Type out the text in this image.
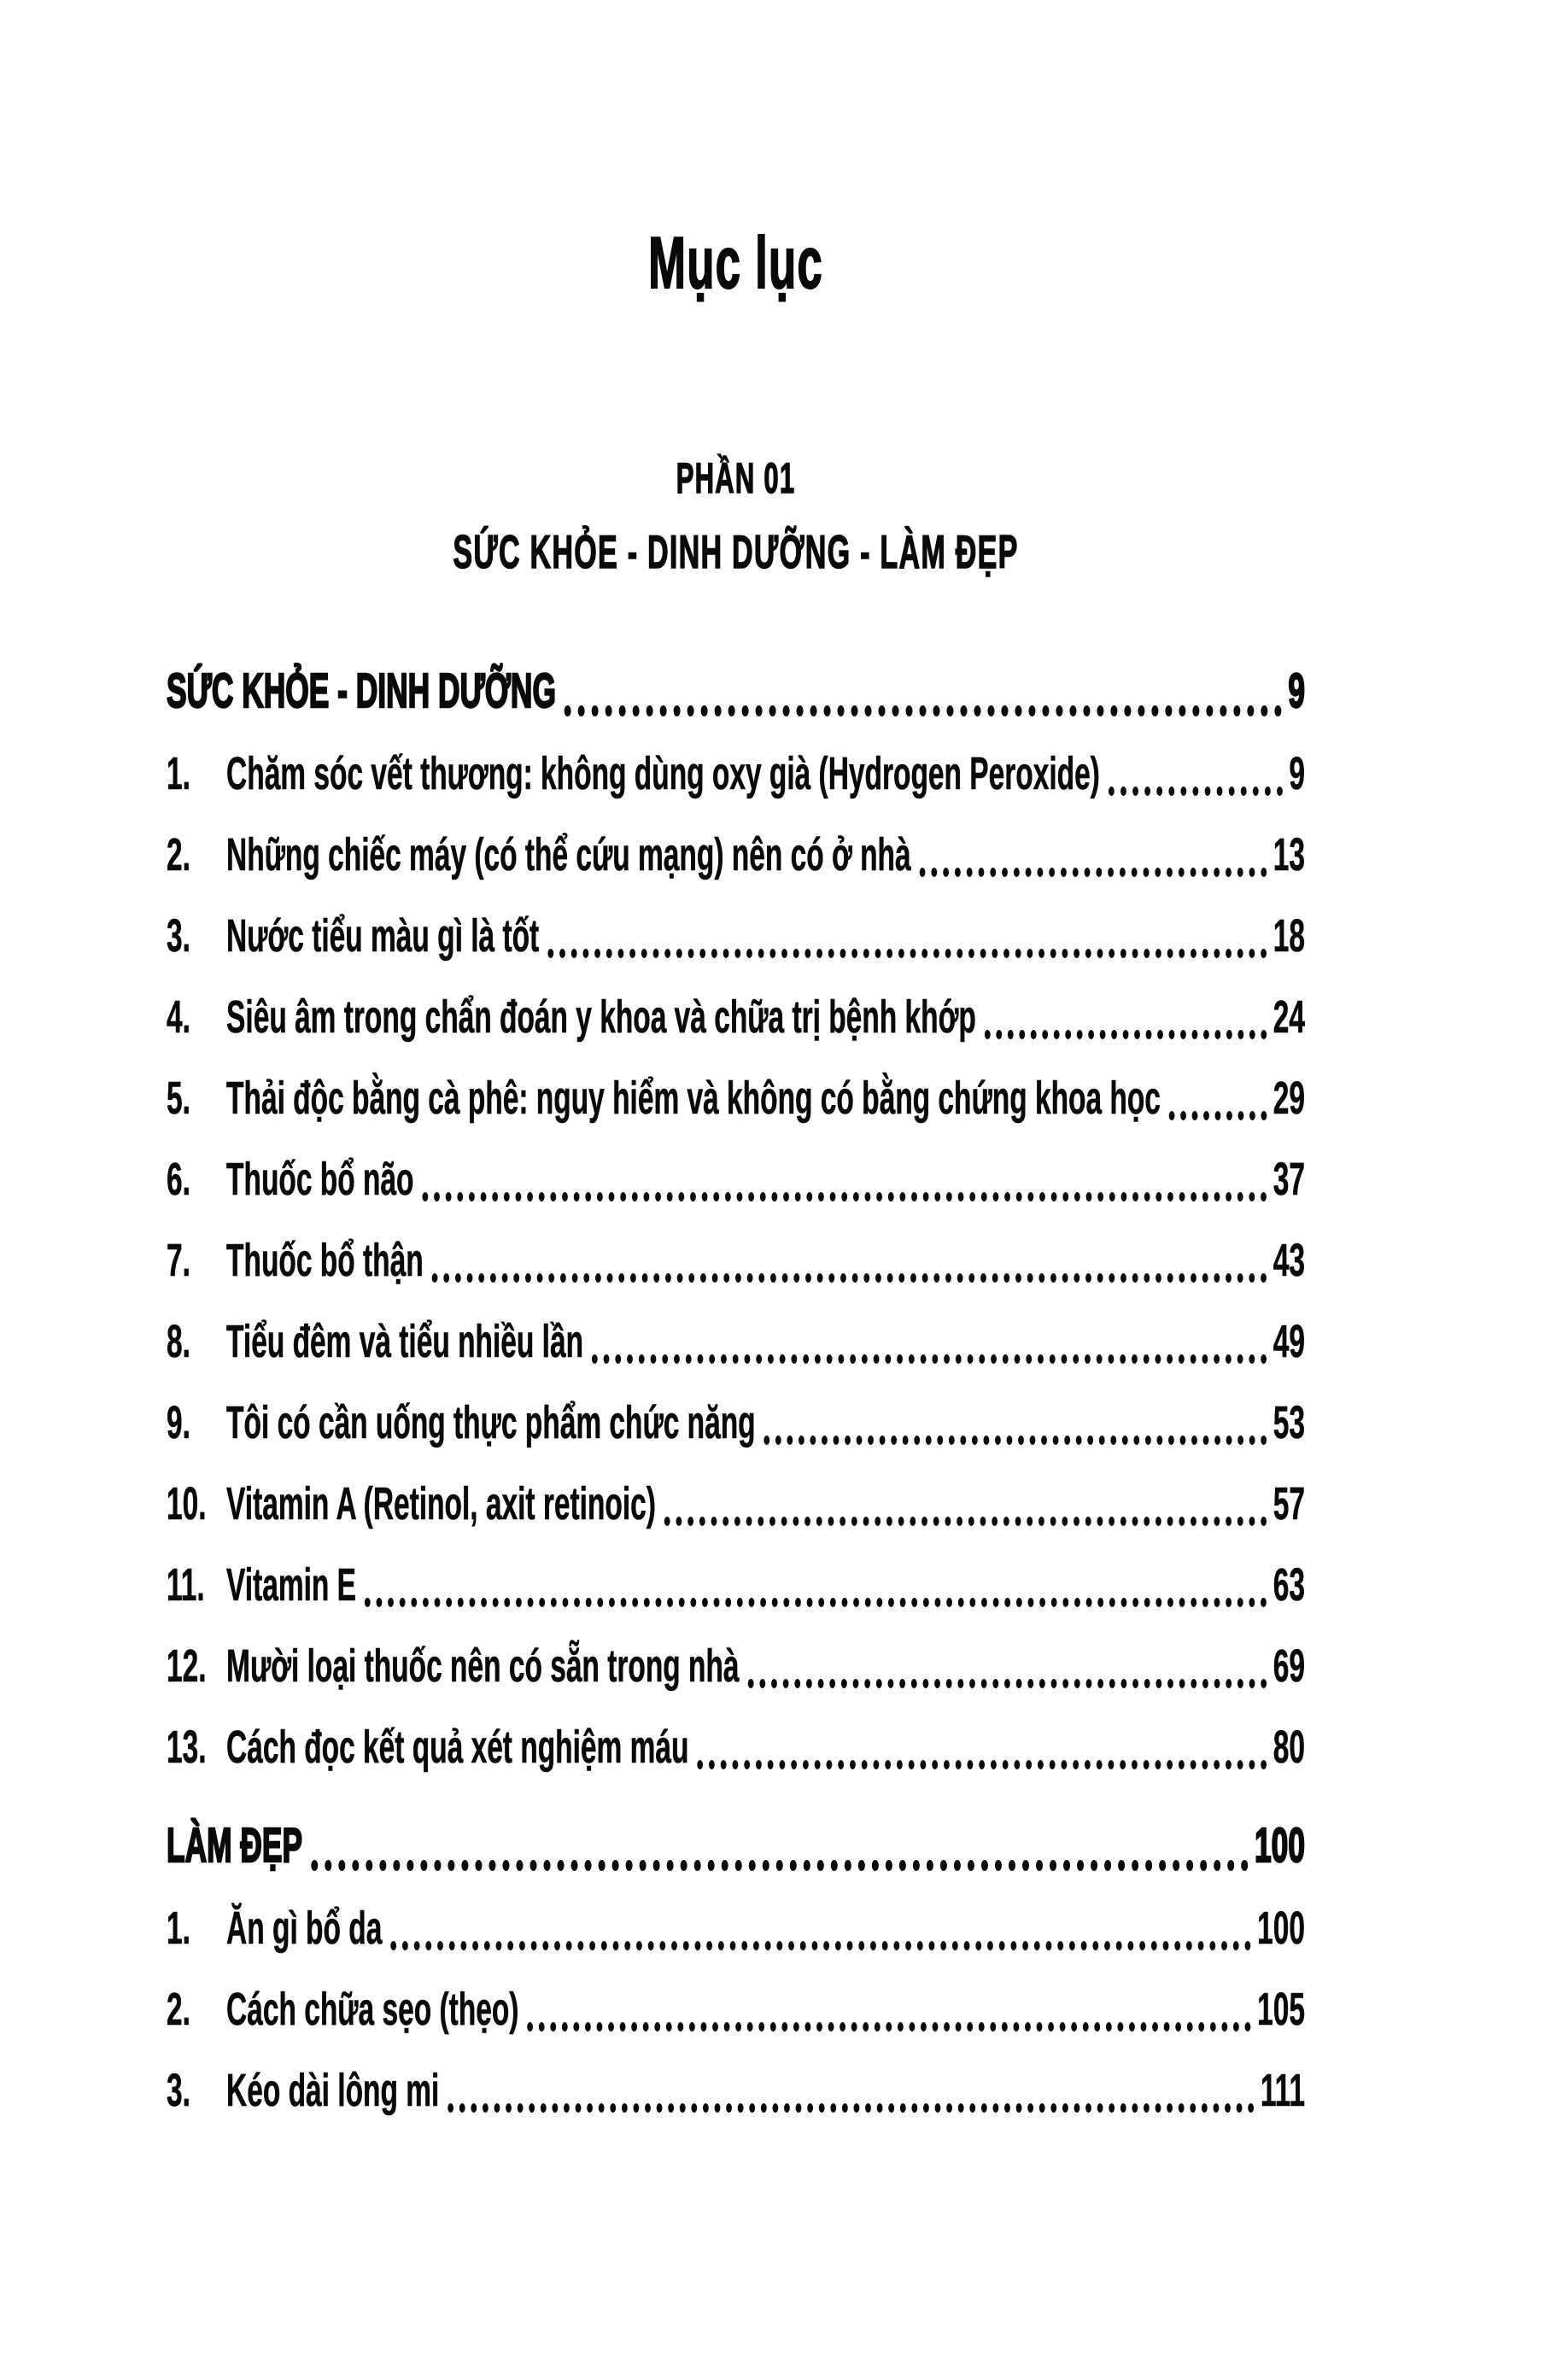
Mục lục
PHẦN 01
SỨC KHỎE - DINH DƯỠNG - LÀM ĐẸP
SỨC KHỎE - DINH DƯỠNG	9
1. Chăm sóc vết thương: không dùng oxy già (Hydrogen Peroxide)	9
2. Những chiếc máy (có thể cứu mạng) nên có ở nhà	13
3. Nước tiểu màu gì là tốt	18
4. Siêu âm trong chẩn đoán y khoa và chữa trị bệnh khớp	24
5. Thải độc bằng cà phê: nguy hiểm và không có bằng chứng khoa học 29
6. Thuốc bổ não	37
7. Thuốc bổ thận	43
8. Tiểu đêm và tiểu nhiều lần	49
9. Tôi có cần uống thực phẩm chức năng	53
10. Vitamin A (Retinol, axit retinoic)	57
11. Vitamin E	63
12. Mười loại thuốc nên có sẵn trong nhà	69
13. Cách đọc kết quả xét nghiệm máu	80
LÀM ĐẸP	100
1. Ăn gì bổ da	100
2. Cách chữa sẹo (thẹo)	105
3. Kéo dài lông mi	111
